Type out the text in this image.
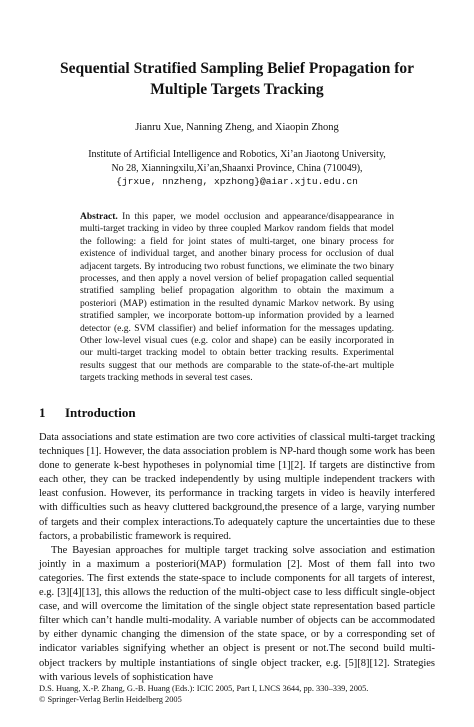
Sequential Stratified Sampling Belief Propagation for
Multiple Targets Tracking
Jianru Xue, Nanning Zheng, and Xiaopin Zhong
Institute of Artificial Intelligence and Robotics, Xi’an Jiaotong University,
No 28, Xianningxilu,Xi’an,Shaanxi Province, China (710049),
{jrxue, nnzheng, xpzhong}@aiar.xjtu.edu.cn
Abstract. In this paper, we model occlusion and appearance/disappearance in multi-target tracking in video by three coupled Markov random fields that model the following: a field for joint states of multi-target, one binary process for existence of individual target, and another binary process for occlusion of dual adjacent targets. By introducing two robust functions, we eliminate the two binary processes, and then apply a novel version of belief propagation called sequential stratified sampling belief propagation algorithm to obtain the maximum a posteriori (MAP) estimation in the resulted dynamic Markov network. By using stratified sampler, we incorporate bottom-up information provided by a learned detector (e.g. SVM classifier) and belief information for the messages updating. Other low-level visual cues (e.g. color and shape) can be easily incorporated in our multi-target tracking model to obtain better tracking results. Experimental results suggest that our methods are comparable to the state-of-the-art multiple targets tracking methods in several test cases.
1 Introduction

Data associations and state estimation are two core activities of classical multi-target tracking techniques [1]. However, the data association problem is NP-hard though some work has been done to generate k-best hypotheses in polynomial time [1][2]. If targets are distinctive from each other, they can be tracked independently by using multiple independent trackers with least confusion. However, its performance in tracking targets in video is heavily interfered with difficulties such as heavy cluttered background,the presence of a large, varying number of targets and their complex interactions.To adequately capture the uncertainties due to these factors, a probabilistic framework is required.

The Bayesian approaches for multiple target tracking solve association and estimation jointly in a maximum a posteriori(MAP) formulation [2]. Most of them fall into two categories. The first extends the state-space to include components for all targets of interest, e.g. [3][4][13], this allows the reduction of the multi-object case to less difficult single-object case, and will overcome the limitation of the single object state representation based particle filter which can’t handle multi-modality. A variable number of objects can be accommodated by either dynamic changing the dimension of the state space, or by a corresponding set of indicator variables signifying whether an object is present or not.The second build multi-object trackers by multiple instantiations of single object tracker, e.g. [5][8][12]. Strategies with various levels of sophistication have

D.S. Huang, X.-P. Zhang, G.-B. Huang (Eds.): ICIC 2005, Part I, LNCS 3644, pp. 330–339, 2005.
© Springer-Verlag Berlin Heidelberg 2005
